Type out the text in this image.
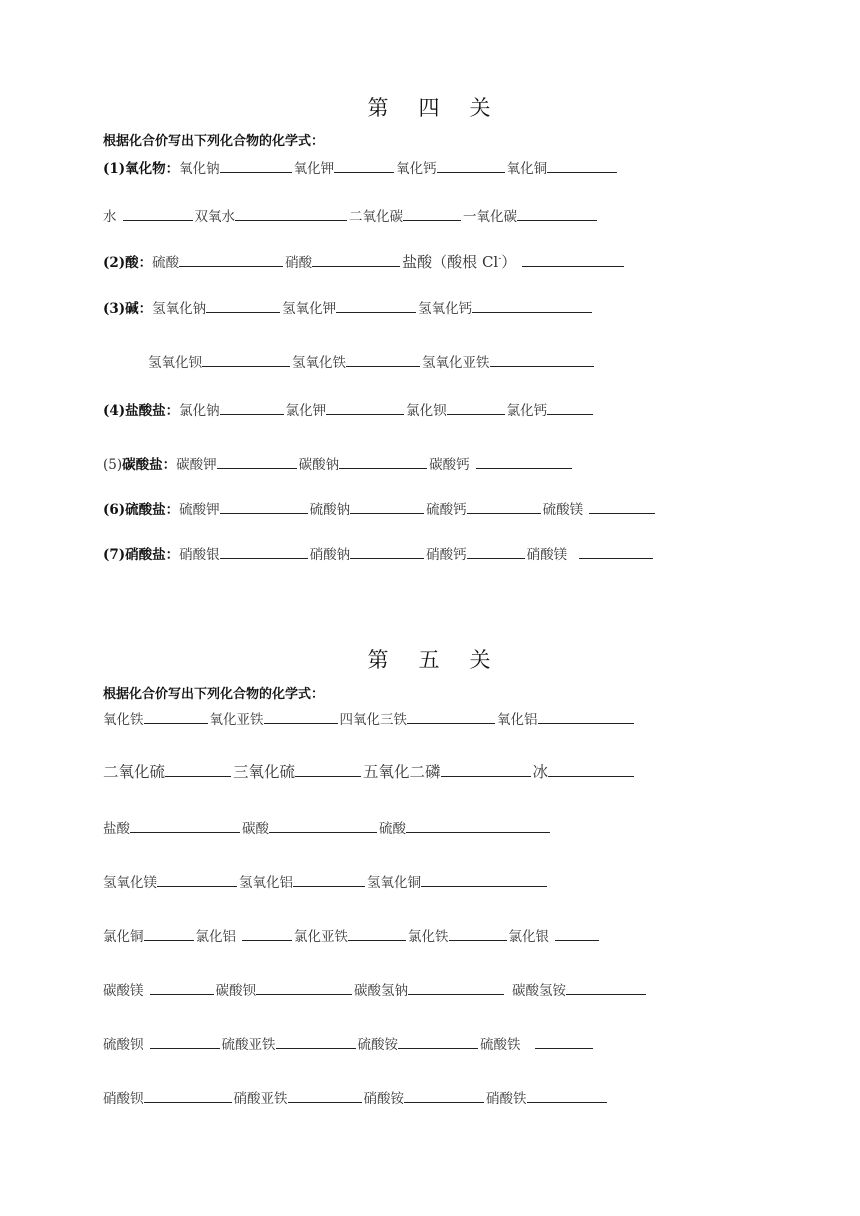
第 四 关
根据化合价写出下列化合物的化学式：
(1)氧化物：氧化钠	氧化钾	氧化钙	氧化铜
水	双氧水	二氧化碳	一氧化碳
(2)酸：硫酸	硝酸	盐酸（酸根 Cl-）
(3)碱：氢氧化钠	氢氧化钾	氢氧化钙
氢氧化钡	氢氧化铁	氢氧化亚铁
(4)盐酸盐：氯化钠	氯化钾	氯化钡	氯化钙
(5)碳酸盐：碳酸钾	碳酸钠	碳酸钙
(6)硫酸盐：硫酸钾	硫酸钠	硫酸钙	硫酸镁
(7)硝酸盐：硝酸银	硝酸钠	硝酸钙	硝酸镁
第 五 关
根据化合价写出下列化合物的化学式：
氧化铁	氧化亚铁	四氧化三铁	氧化铝
二氧化硫	三氧化硫	五氧化二磷	冰
盐酸	碳酸	硫酸
氢氧化镁	氢氧化铝	氢氧化铜
氯化铜	氯化铝	氯化亚铁	氯化铁	氯化银
碳酸镁	碳酸钡	碳酸氢钠	碳酸氢铵
硫酸钡	硫酸亚铁	硫酸铵	硫酸铁
硝酸钡	硝酸亚铁	硝酸铵	硝酸铁
